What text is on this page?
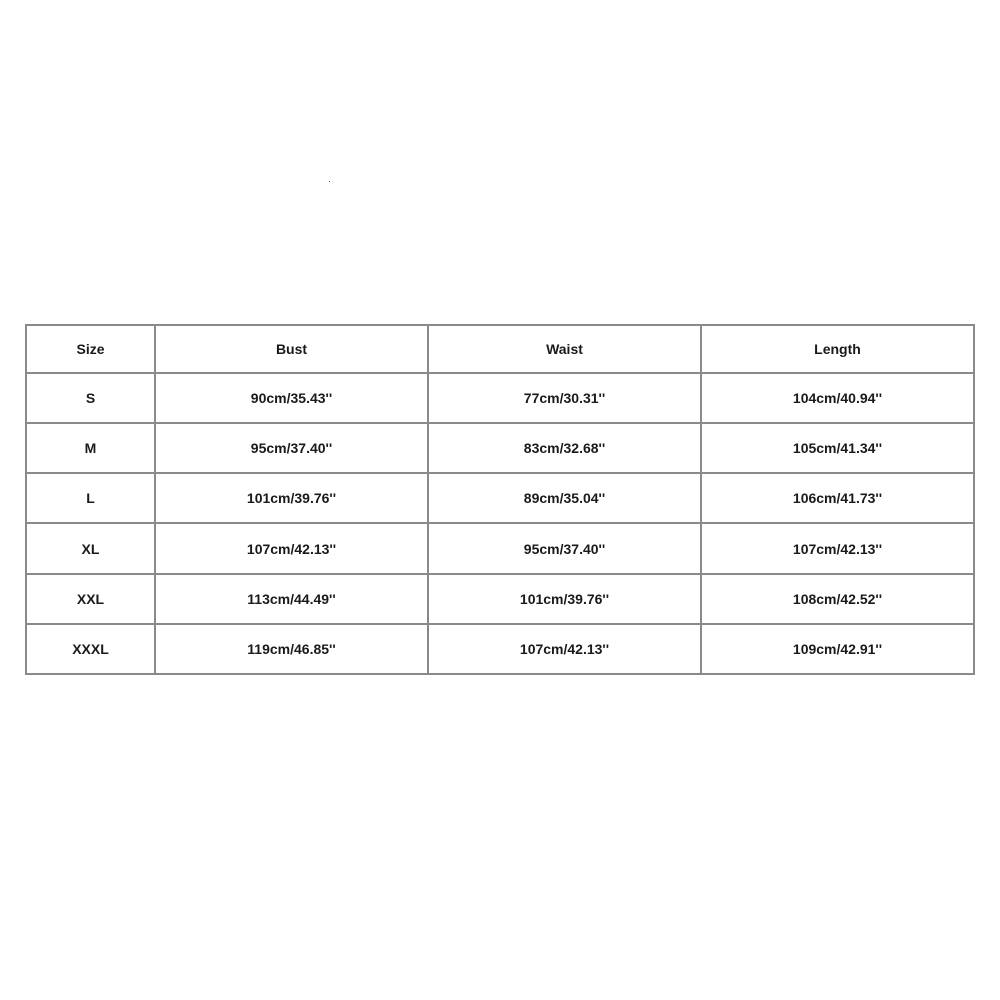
Size	Bust	Waist	Length
S	90cm/35.43''	77cm/30.31''	104cm/40.94''
M	95cm/37.40''	83cm/32.68''	105cm/41.34''
L	101cm/39.76''	89cm/35.04''	106cm/41.73''
XL	107cm/42.13''	95cm/37.40''	107cm/42.13''
XXL	113cm/44.49''	101cm/39.76''	108cm/42.52''
XXXL	119cm/46.85''	107cm/42.13''	109cm/42.91''
